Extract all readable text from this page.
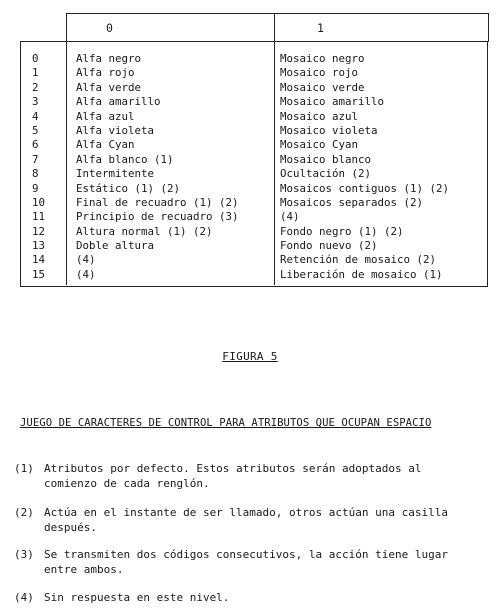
0	1
0	Alfa negro	Mosaico negro
1	Alfa rojo	Mosaico rojo
2	Alfa verde	Mosaico verde
3	Alfa amarillo	Mosaico amarillo
4	Alfa azul	Mosaico azul
5	Alfa violeta	Mosaico violeta
6	Alfa Cyan	Mosaico Cyan
7	Alfa blanco (1)	Mosaico blanco
8	Intermitente	Ocultación (2)
9	Estático (1) (2)	Mosaicos contiguos (1) (2)
10	Final de recuadro (1) (2)	Mosaicos separados (2)
11	Principio de recuadro (3)	(4)
12	Altura normal (1) (2)	Fondo negro (1) (2)
13	Doble altura	Fondo nuevo (2)
14	(4)	Retención de mosaico (2)
15	(4)	Liberación de mosaico (1)
FIGURA 5
JUEGO DE CARACTERES DE CONTROL PARA ATRIBUTOS QUE OCUPAN ESPACIO
(1) Atributos por defecto. Estos atributos serán adoptados al
comienzo de cada renglón.
(2) Actúa en el instante de ser llamado, otros actúan una casilla
después.
(3) Se transmiten dos códigos consecutivos, la acción tiene lugar
entre ambos.
(4) Sin respuesta en este nivel.
